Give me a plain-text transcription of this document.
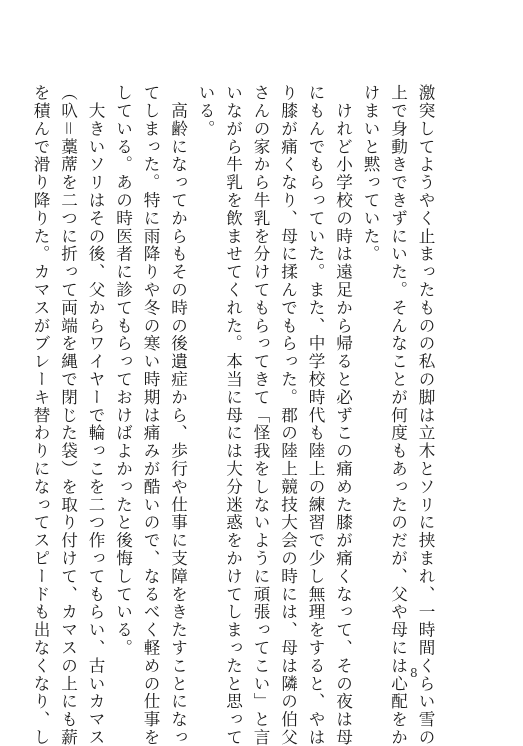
激突してようやく止まったものの私の脚は立木とソリに挟まれ、一時間くらい雪の
上で身動きできずにいた。そんなことが何度もあったのだが、父や母には心配をか
けまいと黙っていた。
　けれど小学校の時は遠足から帰ると必ずこの痛めた膝が痛くなって、その夜は母
にもんでもらっていた。また、中学校時代も陸上の練習で少し無理をすると、やは
り膝が痛くなり、母に揉んでもらった。郡の陸上競技大会の時には、母は隣の伯父
さんの家から牛乳を分けてもらってきて「怪我をしないように頑張ってこい」と言
いながら牛乳を飲ませてくれた。本当に母には大分迷惑をかけてしまったと思って
いる。
　高齢になってからもその時の後遺症から、歩行や仕事に支障をきたすことになっ
てしまった。特に雨降りや冬の寒い時期は痛みが酷いので、なるべく軽めの仕事を
している。あの時医者に診てもらっておけばよかったと後悔している。
　大きいソリはその後、父からワイヤーで輪っこを二つ作ってもらい、古いカマス
（叺＝藁蓆を二つに折って両端を縄で閉じた袋）を取り付けて、カマスの上にも薪
を積んで滑り降りた。カマスがブレーキ替わりになってスピードも出なくなり、し	8
